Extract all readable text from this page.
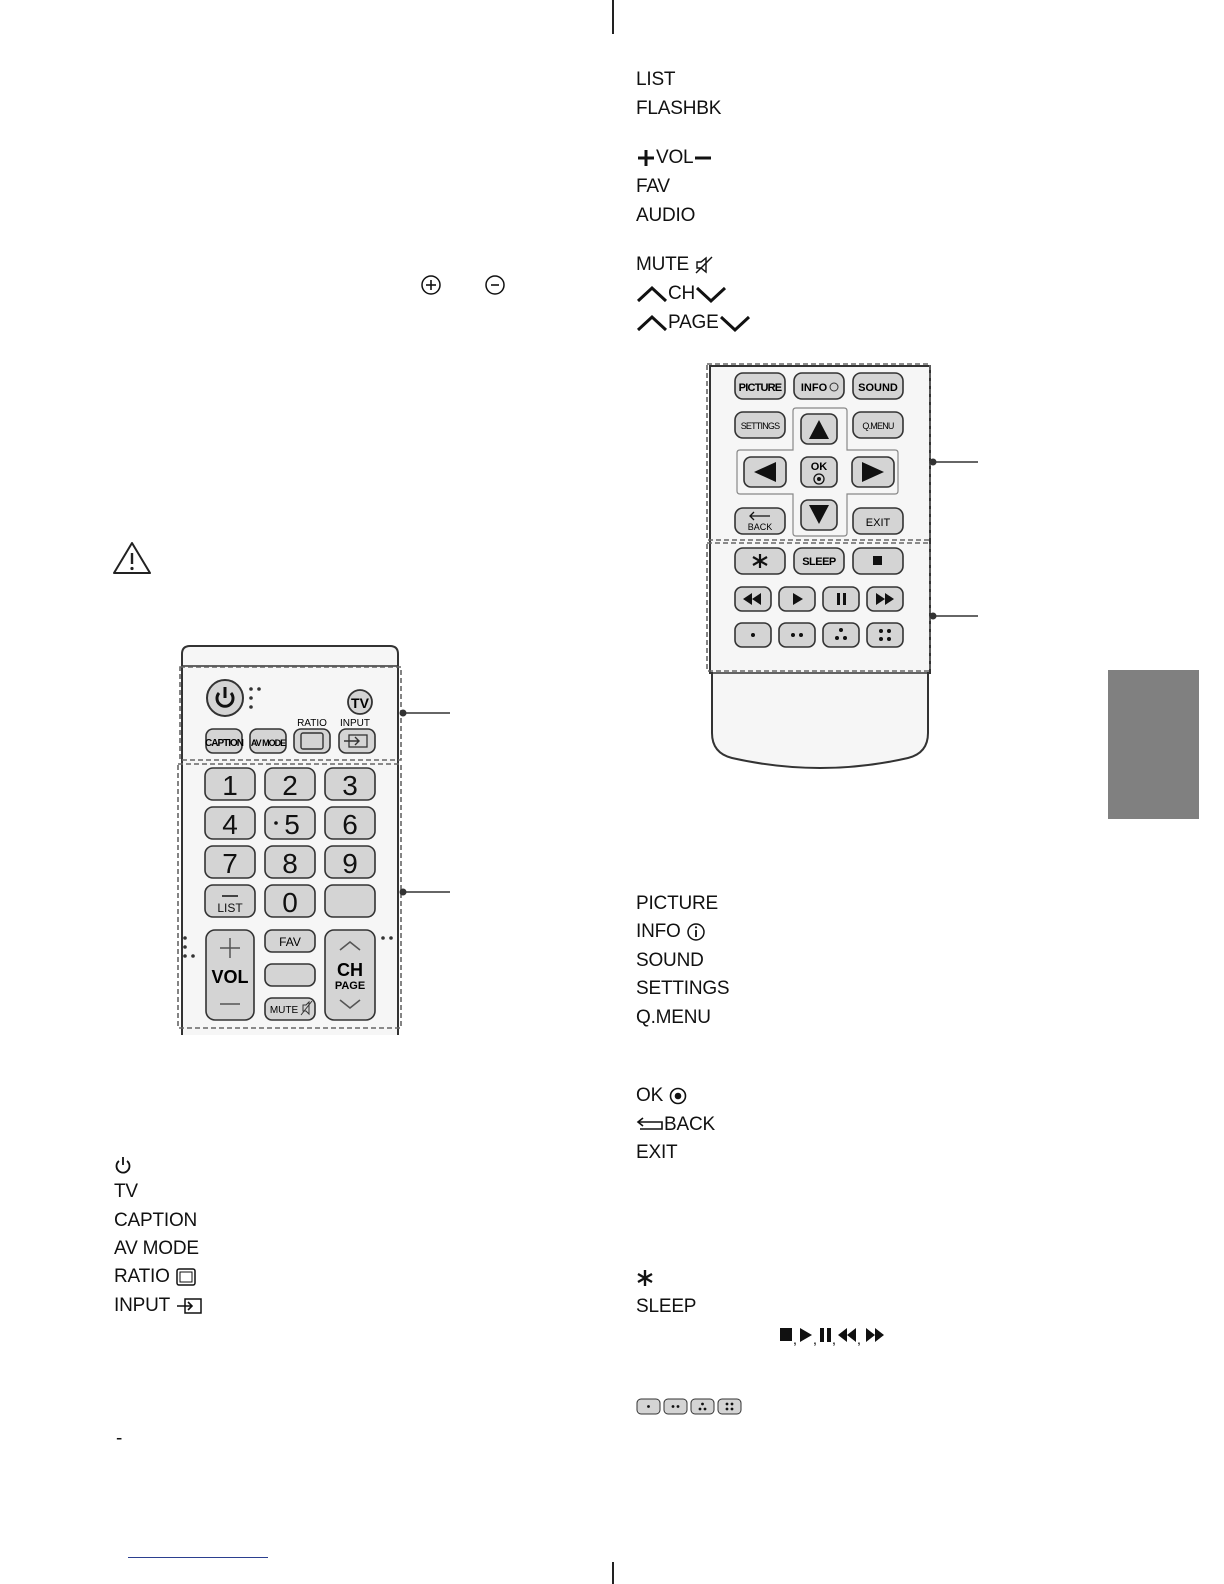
TV
CAPTION AV MODE
RATIO INPUT
1 2 3
4 5 6
7 8 9
LIST 0
VOL
FAV
MUTE
CH
PAGE
TV
CAPTION
AV MODE
RATIO
INPUT
-
LIST
FLASHBK
VOL
FAV
AUDIO
MUTE
CH
PAGE
PICTURE INFO	SOUND
SETTINGS	Q.MENU
OK
BACK	EXIT
SLEEP
PICTURE
INFO
SOUND
SETTINGS
Q.MENU
OK
BACK
EXIT
SLEEP
, , , ,
